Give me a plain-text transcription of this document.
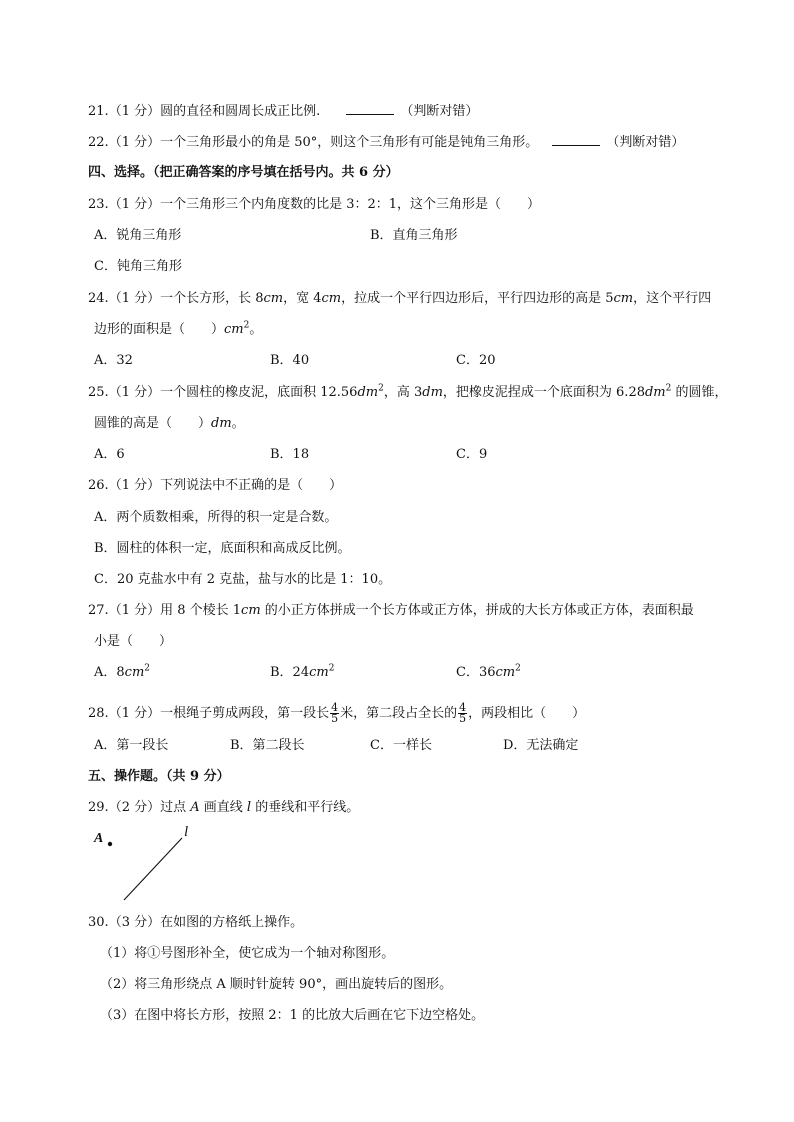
21.（1 分）圆的直径和圆周长成正比例.	（判断对错）
22.（1 分）一个三角形最小的角是 50°，则这个三角形有可能是钝角三角形。	（判断对错）
四、选择。（把正确答案的序号填在括号内。共 6 分）
23.（1 分）一个三角形三个内角度数的比是 3：2：1，这个三角形是（　　）
A．锐角三角形	B．直角三角形
C．钝角三角形
24.（1 分）一个长方形，长 8cm，宽 4cm，拉成一个平行四边形后，平行四边形的高是 5cm，这个平行四
边形的面积是（　　）$cm^2$。
A．32	B．40	C．20
25.（1 分）一个圆柱的橡皮泥，底面积 $12.56dm^2$，高 3dm，把橡皮泥捏成一个底面积为 $6.28dm^2$ 的圆锥，
圆锥的高是（　　）dm。
A．6	B．18	C．9
26.（1 分）下列说法中不正确的是（　　）
A．两个质数相乘，所得的积一定是合数。
B．圆柱的体积一定，底面积和高成反比例。
C．20 克盐水中有 2 克盐，盐与水的比是 1：10。
27.（1 分）用 8 个棱长 1cm 的小正方体拼成一个长方体或正方体，拼成的大长方体或正方体，表面积最
小是（　　）
A．$8cm^2$	B．$24cm^2$	C．$36cm^2$
28.（1 分）一根绳子剪成两段，第一段长 $\frac{4}{5}$ 米，第二段占全长的 $\frac{4}{5}$ ，两段相比（　　）
A．第一段长	B．第二段长	C．一样长	D．无法确定
五、操作题。（共 9 分）
29.（2 分）过点 A 画直线 l 的垂线和平行线。
A	l
30.（3 分）在如图的方格纸上操作。
（1）将①号图形补全，使它成为一个轴对称图形。
（2）将三角形绕点 A 顺时针旋转 90°，画出旋转后的图形。
（3）在图中将长方形，按照 2：1 的比放大后画在它下边空格处。
